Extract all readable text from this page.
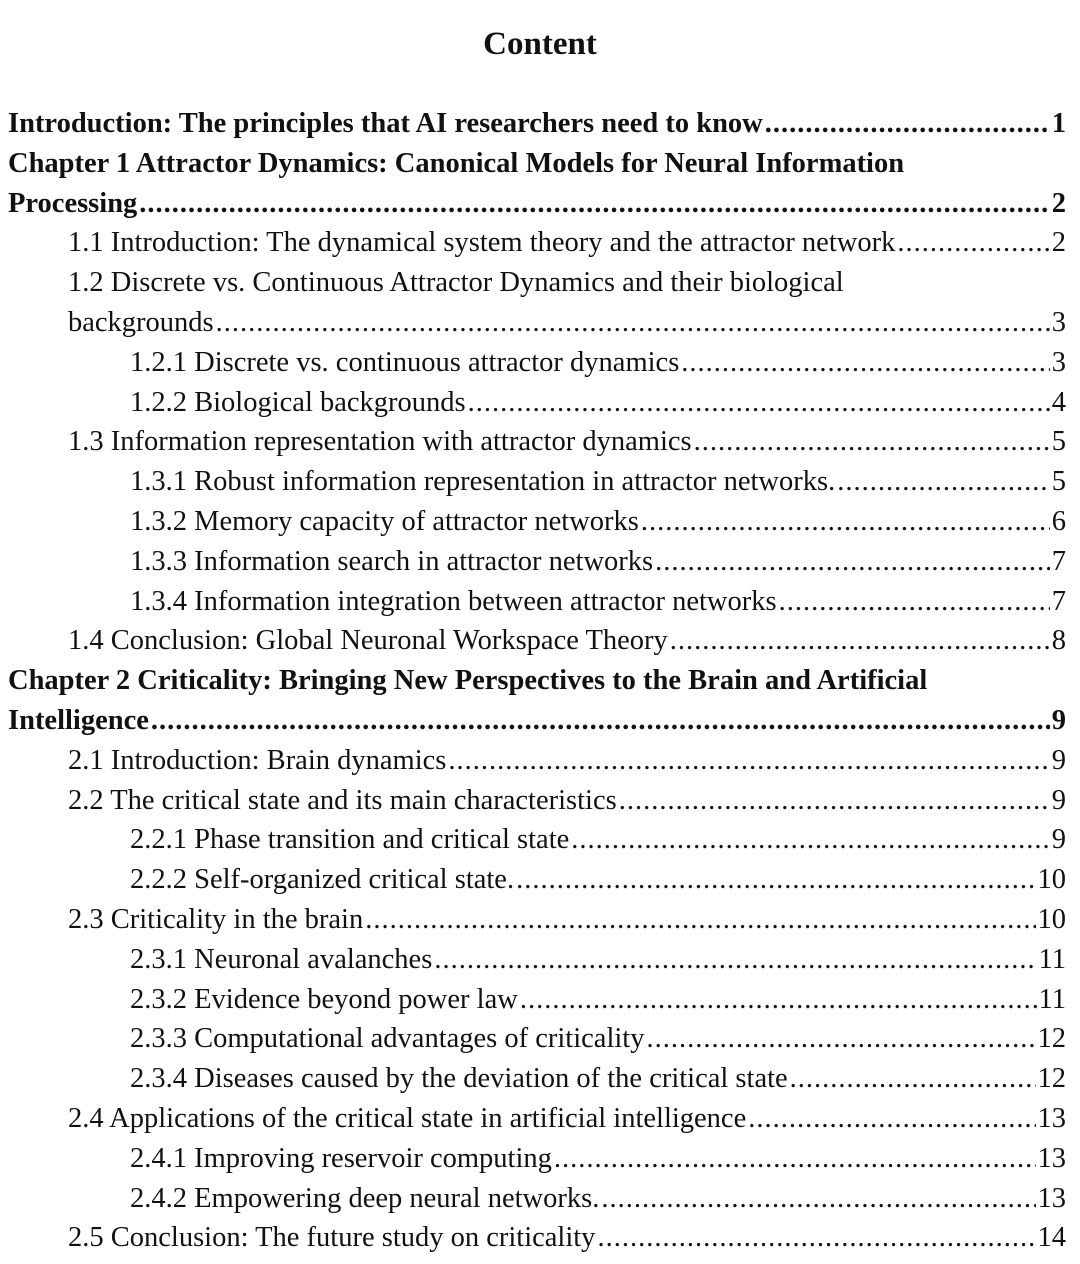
Content
Introduction: The principles that AI researchers need to know .....	1
Chapter 1 Attractor Dynamics: Canonical Models for Neural Information
Processing .....	2
1.1 Introduction: The dynamical system theory and the attractor network .....	2
1.2 Discrete vs. Continuous Attractor Dynamics and their biological
backgrounds .....	3
1.2.1 Discrete vs. continuous attractor dynamics .....	3
1.2.2 Biological backgrounds .....	4
1.3 Information representation with attractor dynamics .....	5
1.3.1 Robust information representation in attractor networks. .....	5
1.3.2 Memory capacity of attractor networks .....	6
1.3.3 Information search in attractor networks .....	7
1.3.4 Information integration between attractor networks .....	7
1.4 Conclusion: Global Neuronal Workspace Theory .....	8
Chapter 2 Criticality: Bringing New Perspectives to the Brain and Artificial
Intelligence .....	9
2.1 Introduction: Brain dynamics .....	9
2.2 The critical state and its main characteristics .....	9
2.2.1 Phase transition and critical state .....	9
2.2.2 Self-organized critical state. .....	10
2.3 Criticality in the brain .....	10
2.3.1 Neuronal avalanches .....	11
2.3.2 Evidence beyond power law .....	11
2.3.3 Computational advantages of criticality .....	12
2.3.4 Diseases caused by the deviation of the critical state .....	12
2.4 Applications of the critical state in artificial intelligence .....	13
2.4.1 Improving reservoir computing .....	13
2.4.2 Empowering deep neural networks. .....	13
2.5 Conclusion: The future study on criticality .....	14
